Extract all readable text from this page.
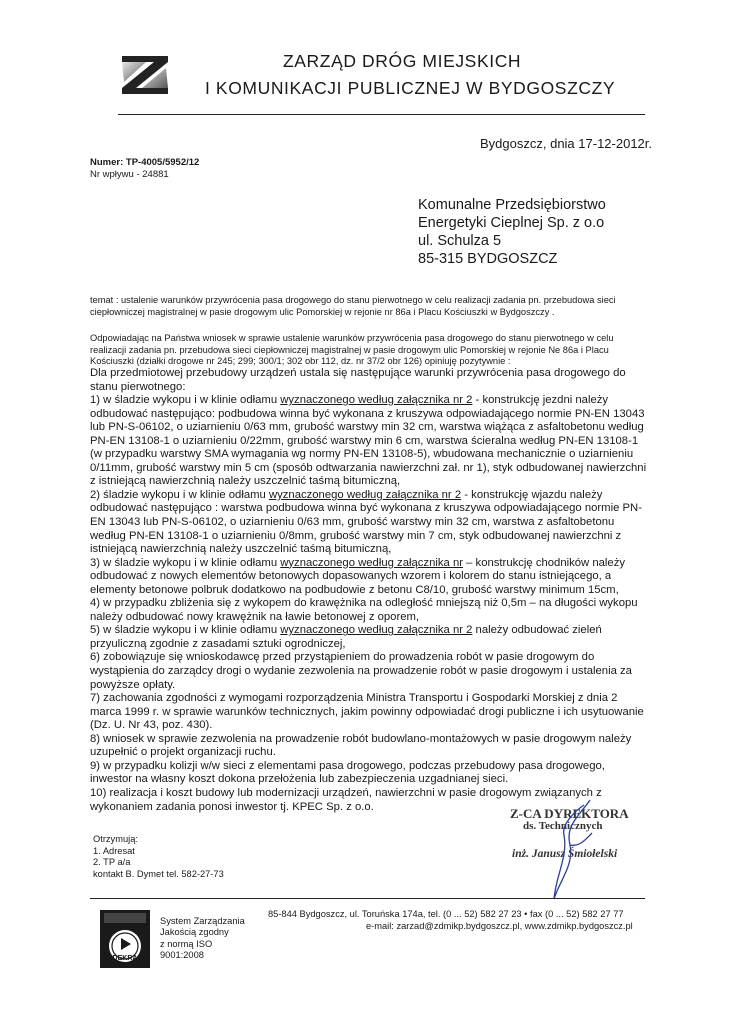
ZARZĄD DRÓG MIEJSKICH
I KOMUNIKACJI PUBLICZNEJ W BYDGOSZCZY
Bydgoszcz, dnia 17-12-2012r.
Numer: TP-4005/5952/12
Nr wpływu - 24881
Komunalne Przedsiębiorstwo
Energetyki Cieplnej Sp. z o.o
ul. Schulza 5
85-315 BYDGOSZCZ
temat : ustalenie warunków przywrócenia pasa drogowego do stanu pierwotnego w celu realizacji zadania pn. przebudowa sieci ciepłowniczej magistralnej w pasie drogowym ulic Pomorskiej w rejonie nr 86a i Placu Kościuszki w Bydgoszczy .
Odpowiadając na Państwa wniosek w sprawie ustalenie warunków przywrócenia pasa drogowego do stanu pierwotnego w celu realizacji zadania pn. przebudowa sieci ciepłowniczej magistralnej w pasie drogowym ulic Pomorskiej w rejonie Ne 86a i Placu Kościuszki (działki drogowe nr 245; 299; 300/1; 302 obr 112, dz. nr 37/2 obr 126) opiniuję pozytywnie :

Dla przedmiotowej przebudowy urządzeń ustala się następujące warunki przywrócenia pasa drogowego do stanu pierwotnego:

1) w śladzie wykopu i w klinie odłamu wyznaczonego według załącznika nr 2 - konstrukcję jezdni należy odbudować następująco: podbudowa winna być wykonana z kruszywa odpowiadającego normie PN-EN 13043 lub PN-S-06102, o uziarnieniu 0/63 mm, grubość warstwy min 32 cm, warstwa wiążąca z asfaltobetonu według PN-EN 13108-1 o uziarnieniu 0/22mm, grubość warstwy min 6 cm, warstwa ścieralna według PN-EN 13108-1 (w przypadku warstwy SMA wymagania wg normy PN-EN 13108-5), wbudowana mechanicznie o uziarnieniu 0/11mm, grubość warstwy min 5 cm (sposób odtwarzania nawierzchni zał. nr 1), styk odbudowanej nawierzchni z istniejącą nawierzchnią należy uszczelnić taśmą bitumiczną,

2) śladzie wykopu i w klinie odłamu wyznaczonego według załącznika nr 2 - konstrukcję wjazdu należy odbudować następująco : warstwa podbudowa winna być wykonana z kruszywa odpowiadającego normie PN-EN 13043 lub PN-S-06102, o uziarnieniu 0/63 mm, grubość warstwy min 32 cm, warstwa z asfaltobetonu według PN-EN 13108-1 o uziarnieniu 0/8mm, grubość warstwy min 7 cm, styk odbudowanej nawierzchni z istniejącą nawierzchnią należy uszczelnić taśmą bitumiczną,

3) w śladzie wykopu i w klinie odłamu wyznaczonego według załącznika nr – konstrukcję chodników należy odbudować z nowych elementów betonowych dopasowanych wzorem i kolorem do stanu istniejącego, a elementy betonowe polbruk dodatkowo na podbudowie z betonu C8/10, grubość warstwy minimum 15cm,

4) w przypadku zbliżenia się z wykopem do krawężnika na odległość mniejszą niż 0,5m – na długości wykopu należy odbudować nowy krawężnik na ławie betonowej z oporem,

5) w śladzie wykopu i w klinie odłamu wyznaczonego według załącznika nr 2 należy odbudować zieleń przyuliczną zgodnie z zasadami sztuki ogrodniczej,

6) zobowiązuje się wnioskodawcę przed przystąpieniem do prowadzenia robót w pasie drogowym do wystąpienia do zarządcy drogi o wydanie zezwolenia na prowadzenie robót w pasie drogowym i ustalenia za powyższe opłaty.

7) zachowania zgodności z wymogami rozporządzenia Ministra Transportu i Gospodarki Morskiej z dnia 2 marca 1999 r. w sprawie warunków technicznych, jakim powinny odpowiadać drogi publiczne i ich usytuowanie (Dz. U. Nr 43, poz. 430).

8) wniosek w sprawie zezwolenia na prowadzenie robót budowlano-montażowych w pasie drogowym należy uzupełnić o projekt organizacji ruchu.

9) w przypadku kolizji w/w sieci z elementami pasa drogowego, podczas przebudowy pasa drogowego, inwestor na własny koszt dokona przełożenia lub zabezpieczenia uzgadnianej sieci.

10) realizacja i koszt budowy lub modernizacji urządzeń, nawierzchni w pasie drogowym związanych z wykonaniem zadania ponosi inwestor tj. KPEC Sp. z o.o.	Z-CA DYREKTORA
ds. Technicznych
inż. Janusz Śmiołelski
Otrzymują:
1. Adresat
2. TP a/a
kontakt B. Dymet tel. 582-27-73
DEKRA
System Zarządzania
Jakością zgodny
z normą ISO
9001:2008
85-844 Bydgoszcz, ul. Toruńska 174a, tel. (0 ... 52) 582 27 23 • fax (0 ... 52) 582 27 77
e-mail: zarzad@zdmikp.bydgoszcz.pl, www.zdmikp.bydgoszcz.pl
